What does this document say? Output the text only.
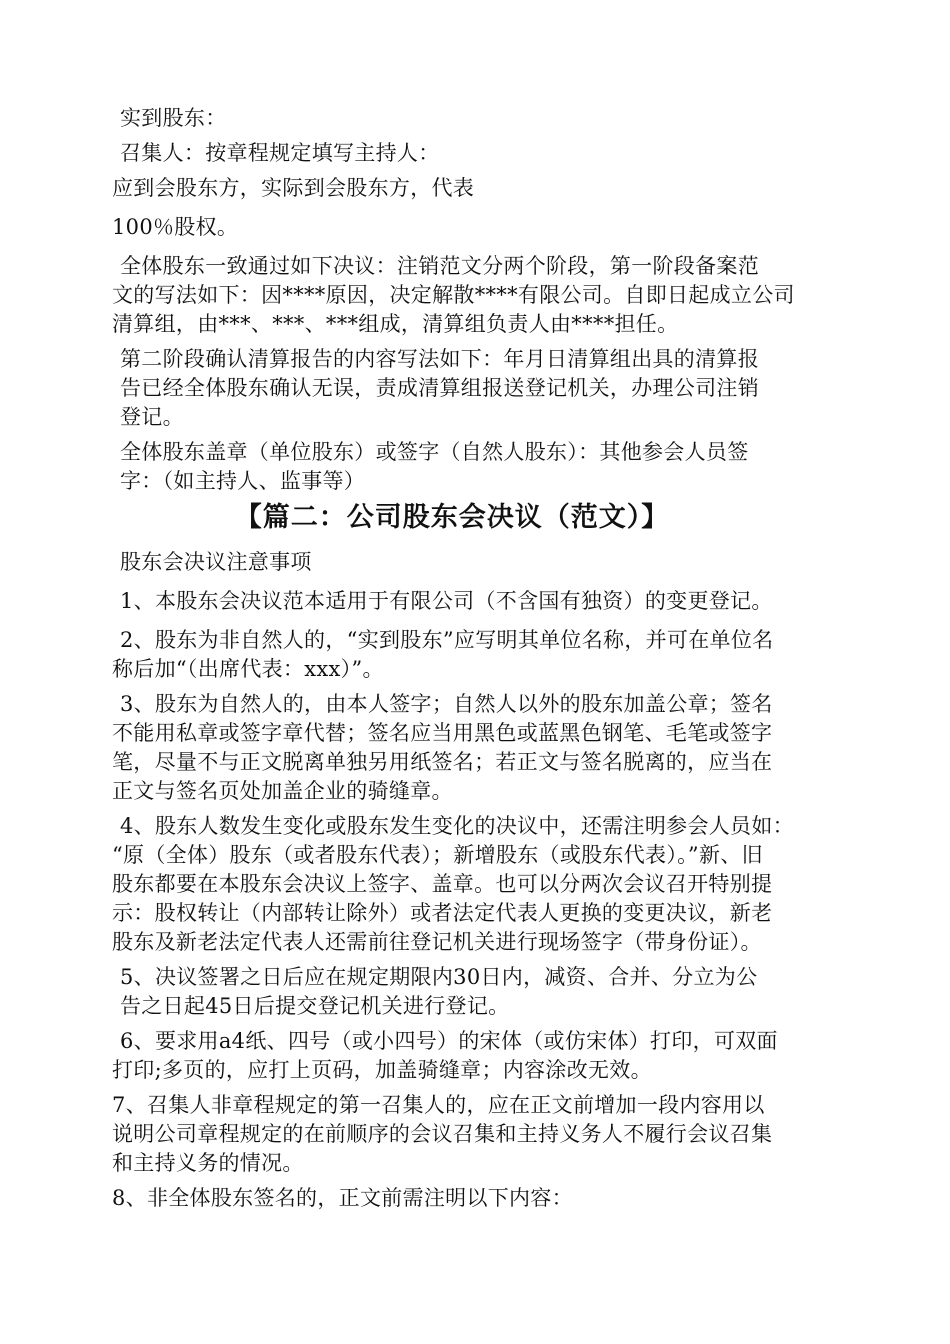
实到股东：
召集人：按章程规定填写主持人：
应到会股东方，实际到会股东方，代表
100％股权。
全体股东一致通过如下决议：注销范文分两个阶段，第一阶段备案范
文的写法如下：因****原因，决定解散****有限公司。自即日起成立公司
清算组，由***、***、***组成，清算组负责人由****担任。
第二阶段确认清算报告的内容写法如下：年月日清算组出具的清算报
告已经全体股东确认无误，责成清算组报送登记机关，办理公司注销
登记。
全体股东盖章（单位股东）或签字（自然人股东）：其他参会人员签
字：（如主持人、监事等）
【篇二：公司股东会决议（范文）】
股东会决议注意事项
1、本股东会决议范本适用于有限公司（不含国有独资）的变更登记。
2、股东为非自然人的，“实到股东”应写明其单位名称，并可在单位名
称后加“（出席代表：xxx）”。
3、股东为自然人的，由本人签字；自然人以外的股东加盖公章；签名
不能用私章或签字章代替；签名应当用黑色或蓝黑色钢笔、毛笔或签字
笔，尽量不与正文脱离单独另用纸签名；若正文与签名脱离的，应当在
正文与签名页处加盖企业的骑缝章。
4、股东人数发生变化或股东发生变化的决议中，还需注明参会人员如：
“原（全体）股东（或者股东代表）；新增股东（或股东代表）。”新、旧
股东都要在本股东会决议上签字、盖章。也可以分两次会议召开特别提
示：股权转让（内部转让除外）或者法定代表人更换的变更决议，新老
股东及新老法定代表人还需前往登记机关进行现场签字（带身份证）。
5、决议签署之日后应在规定期限内30日内，减资、合并、分立为公
告之日起45日后提交登记机关进行登记。
6、要求用a4纸、四号（或小四号）的宋体（或仿宋体）打印，可双面
打印;多页的，应打上页码，加盖骑缝章；内容涂改无效。
7、召集人非章程规定的第一召集人的，应在正文前增加一段内容用以
说明公司章程规定的在前顺序的会议召集和主持义务人不履行会议召集
和主持义务的情况。
8、非全体股东签名的，正文前需注明以下内容：
